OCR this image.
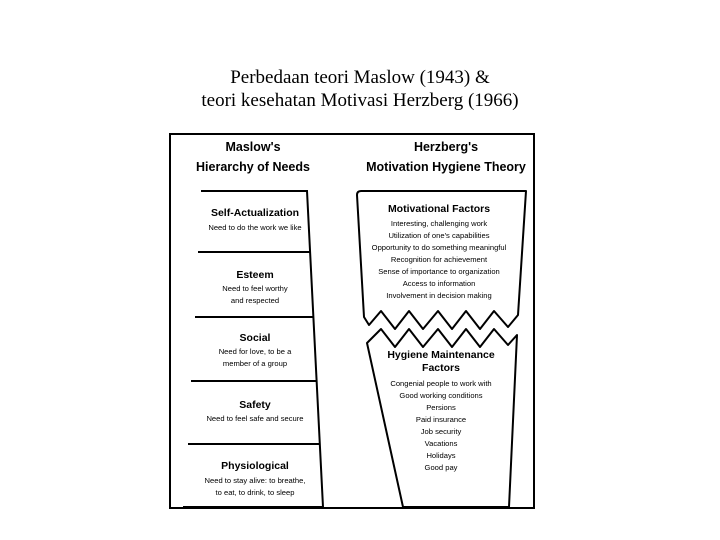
Perbedaan teori Maslow (1943) &
teori kesehatan Motivasi Herzberg (1966)
Maslow's
Hierarchy of Needs
Herzberg's
Motivation Hygiene Theory
Self-Actualization
Need to do the work we like
Esteem
Need to feel worthy
and respected
Social
Need for love, to be a
member of a group
Safety
Need to feel safe and secure
Physiological
Need to stay alive: to breathe,
to eat, to drink, to sleep
Motivational Factors
Interesting, challenging work
Utilization of one's capabilities
Opportunity to do something meaningful
Recognition for achievement
Sense of importance to organization
Access to information
Involvement in decision making
Hygiene Maintenance
Factors
Congenial people to work with
Good working conditions
Persions
Paid insurance
Job security
Vacations
Holidays
Good pay
